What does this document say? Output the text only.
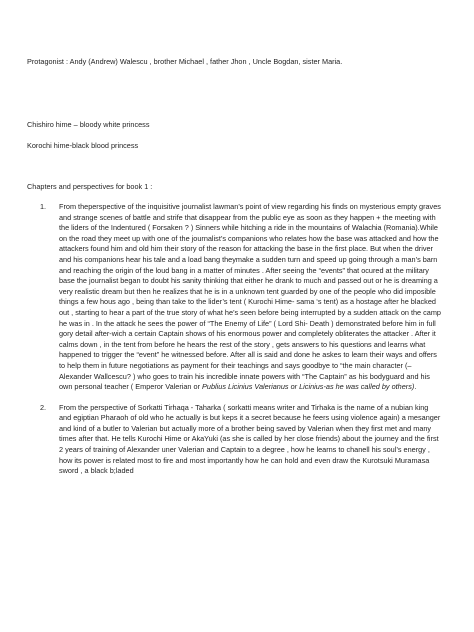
Protagonist : Andy (Andrew) Walescu , brother Michael , father Jhon , Uncle Bogdan, sister Maria.

Chishiro hime – bloody white princess

Korochi hime-black blood princess

Chapters and perspectives for book 1 :

1. From theperspective of the inquisitive journalist lawman’s point of view regarding his finds on mysterious empty graves and strange scenes of battle and strife that disappear from the public eye as soon as they happen + the meeting with the liders of the Indentured ( Forsaken ? ) Sinners while hitching a ride in the mountains of Walachia (Romania).While on the road they meet up with one of the journalist’s companions who relates how the base was attacked and how the attackers found him and old him their story of the reason for attacking the base in the first place. But when the driver and his companions hear his tale and a load bang theymake a sudden turn and speed up going through a man’s barn and reaching the origin of the loud bang in a matter of minutes . After seeing the “events” that ocured at the military base the journalist began to doubt his sanity thinking that either he drank to much and passed out or he is dreaming a very realistic dream but then he realizes that he is in a unknown tent guarded by one of the people who did imposible things a few hous ago , being than take to the lider’s tent ( Kurochi Hime- sama ‘s tent) as a hostage after he blacked out , starting to hear a part of the true story of what he’s seen before being interrupted by a sudden attack on the camp he was in . In the attack he sees the power of “The Enemy of Life” ( Lord Shi- Death ) demonstrated before him in full gory detail after-wich a certain Captain shows of his enormous power and completely obliterates the attacker . After it calms down , in the tent from before he hears the rest of the story , gets answers to his questions and learns what happened to trigger the “event” he witnessed before. After all is said and done he askes to learn their ways and offers to help them in future negotiations as payment for their teachings and says goodbye to “the main character (– Alexander Wallcescu? ) who goes to train his incredible innate powers with “The Captain” as his bodyguard and his own personal teacher ( Emperor Valerian or Publius Licinius Valerianus or Licinius-as he was called by others).
2. From the perspective of Sorkatti Tirhaqa - Taharka ( sorkatti means writer and Tirhaka is the name of a nubian king and egiptian Pharaoh of old who he actually is but keps it a secret because he feers using violence again) a mesanger and kind of a butler to Valerian but actually more of a brother being saved by Valerian when they first met and many times after that. He tells Kurochi Hime or AkaYuki (as she is called by her close friends) about the journey and the first 2 years of training of Alexander uner Valerian and Captain to a degree , how he learns to chanell his soul’s energy , how its power is related most to fire and most importantly how he can hold and even draw the Kurotsuki Muramasa sword , a black b;laded
